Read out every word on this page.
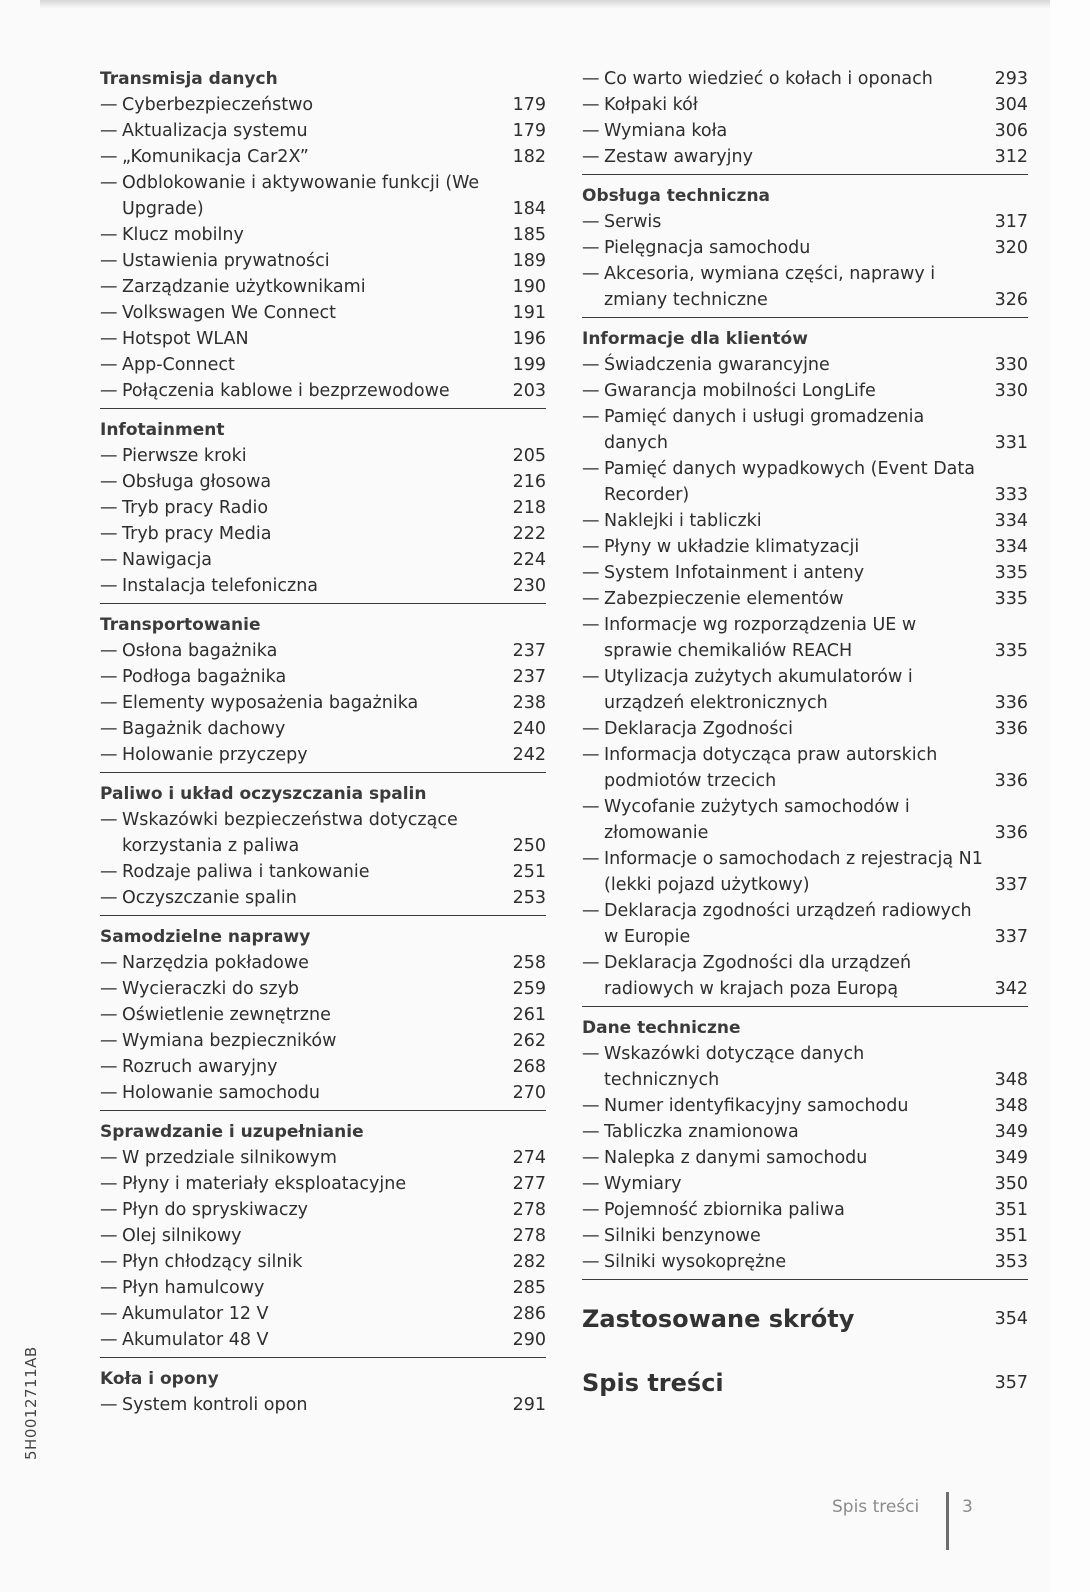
Transmisja danych
— Cyberbezpieczeństwo	179
— Aktualizacja systemu	179
— „Komunikacja Car2X”	182
— Odblokowanie i aktywowanie funkcji (We Upgrade)	184
— Klucz mobilny	185
— Ustawienia prywatności	189
— Zarządzanie użytkownikami	190
— Volkswagen We Connect	191
— Hotspot WLAN	196
— App-Connect	199
— Połączenia kablowe i bezprzewodowe	203
Infotainment
— Pierwsze kroki	205
— Obsługa głosowa	216
— Tryb pracy Radio	218
— Tryb pracy Media	222
— Nawigacja	224
— Instalacja telefoniczna	230
Transportowanie
— Osłona bagażnika	237
— Podłoga bagażnika	237
— Elementy wyposażenia bagażnika	238
— Bagażnik dachowy	240
— Holowanie przyczepy	242
Paliwo i układ oczyszczania spalin
— Wskazówki bezpieczeństwa dotyczące korzystania z paliwa	250
— Rodzaje paliwa i tankowanie	251
— Oczyszczanie spalin	253
Samodzielne naprawy
— Narzędzia pokładowe	258
— Wycieraczki do szyb	259
— Oświetlenie zewnętrzne	261
— Wymiana bezpieczników	262
— Rozruch awaryjny	268
— Holowanie samochodu	270
Sprawdzanie i uzupełnianie
— W przedziale silnikowym	274
— Płyny i materiały eksploatacyjne	277
— Płyn do spryskiwaczy	278
— Olej silnikowy	278
— Płyn chłodzący silnik	282
— Płyn hamulcowy	285
— Akumulator 12 V	286
— Akumulator 48 V	290
Koła i opony
— System kontroli opon	291
— Co warto wiedzieć o kołach i oponach	293
— Kołpaki kół	304
— Wymiana koła	306
— Zestaw awaryjny	312
Obsługa techniczna
— Serwis	317
— Pielęgnacja samochodu	320
— Akcesoria, wymiana części, naprawy i zmiany techniczne	326
Informacje dla klientów
— Świadczenia gwarancyjne	330
— Gwarancja mobilności LongLife	330
— Pamięć danych i usługi gromadzenia danych	331
— Pamięć danych wypadkowych (Event Data Recorder)	333
— Naklejki i tabliczki	334
— Płyny w układzie klimatyzacji	334
— System Infotainment i anteny	335
— Zabezpieczenie elementów	335
— Informacje wg rozporządzenia UE w sprawie chemikaliów REACH	335
— Utylizacja zużytych akumulatorów i urządzeń elektronicznych	336
— Deklaracja Zgodności	336
— Informacja dotycząca praw autorskich podmiotów trzecich	336
— Wycofanie zużytych samochodów i złomowanie	336
— Informacje o samochodach z rejestracją N1 (lekki pojazd użytkowy)	337
— Deklaracja zgodności urządzeń radiowych w Europie	337
— Deklaracja Zgodności dla urządzeń radiowych w krajach poza Europą	342
Dane techniczne
— Wskazówki dotyczące danych technicznych	348
— Numer identyfikacyjny samochodu	348
— Tabliczka znamionowa	349
— Nalepka z danymi samochodu	349
— Wymiary	350
— Pojemność zbiornika paliwa	351
— Silniki benzynowe	351
— Silniki wysokoprężne	353
Zastosowane skróty	354
Spis treści	357
5H0012711AB
Spis treści	3
